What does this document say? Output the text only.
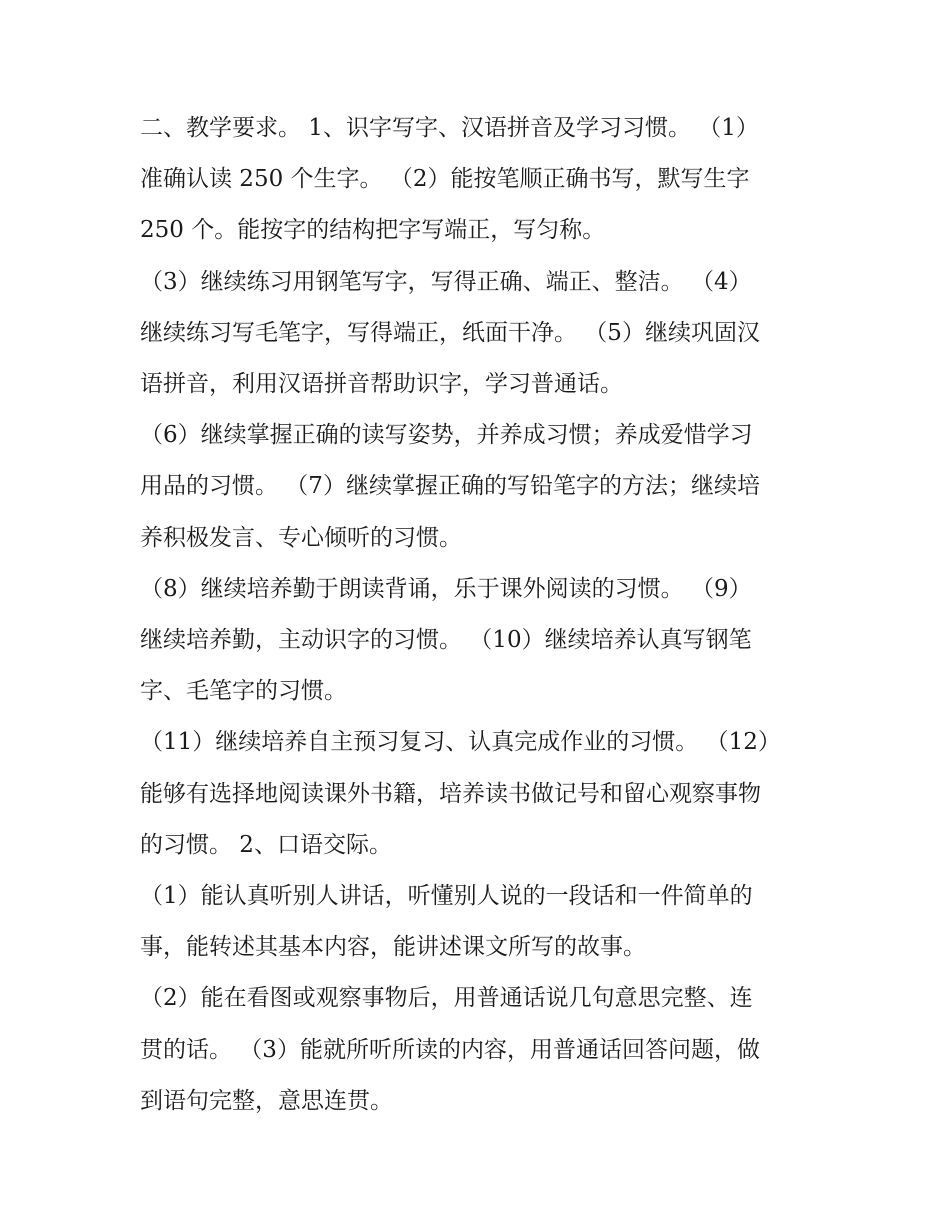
二、教学要求。 1、识字写字、汉语拼音及学习习惯。 （1）
准确认读 250 个生字。 （2）能按笔顺正确书写，默写生字
250 个。能按字的结构把字写端正，写匀称。

（3）继续练习用钢笔写字，写得正确、端正、整洁。 （4）
继续练习写毛笔字，写得端正，纸面干净。 （5）继续巩固汉
语拼音，利用汉语拼音帮助识字，学习普通话。

（6）继续掌握正确的读写姿势，并养成习惯；养成爱惜学习
用品的习惯。 （7）继续掌握正确的写铅笔字的方法；继续培
养积极发言、专心倾听的习惯。

（8）继续培养勤于朗读背诵，乐于课外阅读的习惯。 （9）
继续培养勤，主动识字的习惯。 （10）继续培养认真写钢笔
字、毛笔字的习惯。

（11）继续培养自主预习复习、认真完成作业的习惯。 （12）
能够有选择地阅读课外书籍，培养读书做记号和留心观察事物
的习惯。 2、口语交际。

（1）能认真听别人讲话，听懂别人说的一段话和一件简单的
事，能转述其基本内容，能讲述课文所写的故事。

（2）能在看图或观察事物后，用普通话说几句意思完整、连
贯的话。 （3）能就所听所读的内容，用普通话回答问题，做
到语句完整，意思连贯。
